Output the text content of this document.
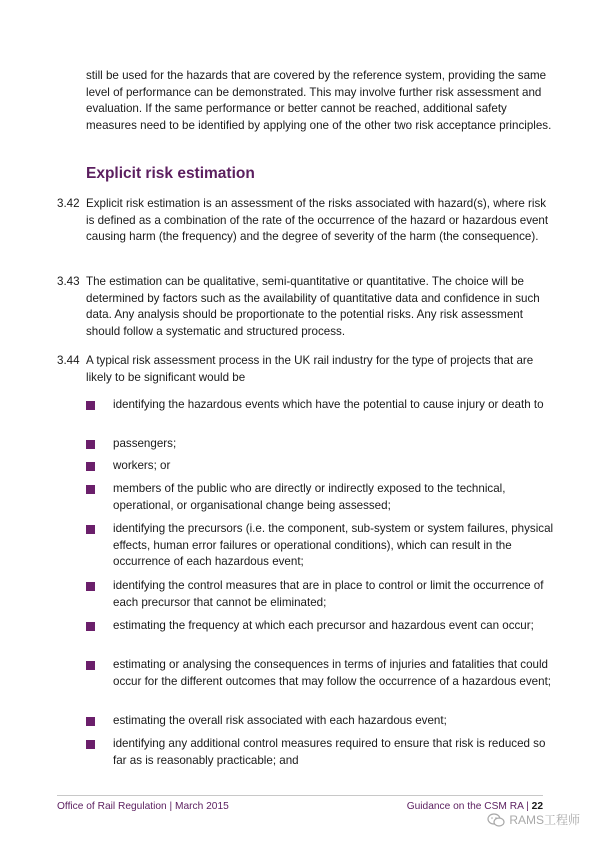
still be used for the hazards that are covered by the reference system, providing the same level of performance can be demonstrated. This may involve further risk assessment and evaluation. If the same performance or better cannot be reached, additional safety measures need to be identified by applying one of the other two risk acceptance principles.
Explicit risk estimation
3.42 Explicit risk estimation is an assessment of the risks associated with hazard(s), where risk is defined as a combination of the rate of the occurrence of the hazard or hazardous event causing harm (the frequency) and the degree of severity of the harm (the consequence).
3.43 The estimation can be qualitative, semi-quantitative or quantitative. The choice will be determined by factors such as the availability of quantitative data and confidence in such data. Any analysis should be proportionate to the potential risks. Any risk assessment should follow a systematic and structured process.
3.44 A typical risk assessment process in the UK rail industry for the type of projects that are likely to be significant would be
identifying the hazardous events which have the potential to cause injury or death to
passengers;
workers; or
members of the public who are directly or indirectly exposed to the technical, operational, or organisational change being assessed;
identifying the precursors (i.e. the component, sub-system or system failures, physical effects, human error failures or operational conditions), which can result in the occurrence of each hazardous event;
identifying the control measures that are in place to control or limit the occurrence of each precursor that cannot be eliminated;
estimating the frequency at which each precursor and hazardous event can occur;
estimating or analysing the consequences in terms of injuries and fatalities that could occur for the different outcomes that may follow the occurrence of a hazardous event;
estimating the overall risk associated with each hazardous event;
identifying any additional control measures required to ensure that risk is reduced so far as is reasonably practicable; and
Office of Rail Regulation | March 2015	Guidance on the CSM RA | 22
RAMS工程师
